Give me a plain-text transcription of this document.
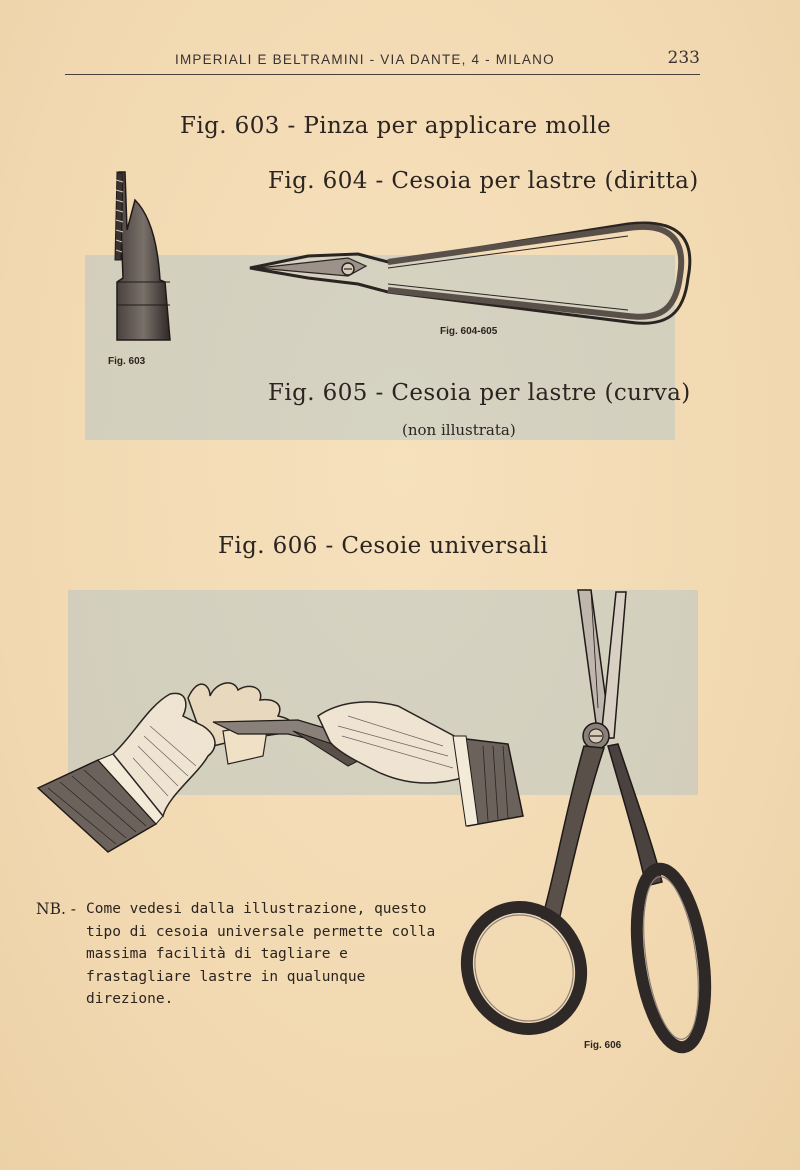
IMPERIALI E BELTRAMINI - VIA DANTE, 4 - MILANO	233
Fig. 603 - Pinza per applicare molle
Fig. 604 - Cesoia per lastre (diritta)
Fig. 605 - Cesoia per lastre (curva)
(non illustrata)
Fig. 606 - Cesoie universali
Fig. 603
Fig. 604-605
Fig. 606
NB. - Come vedesi dalla illustrazione, questo tipo di cesoia universale permette colla massima facilità di tagliare e frastagliare lastre in qualunque direzione.
